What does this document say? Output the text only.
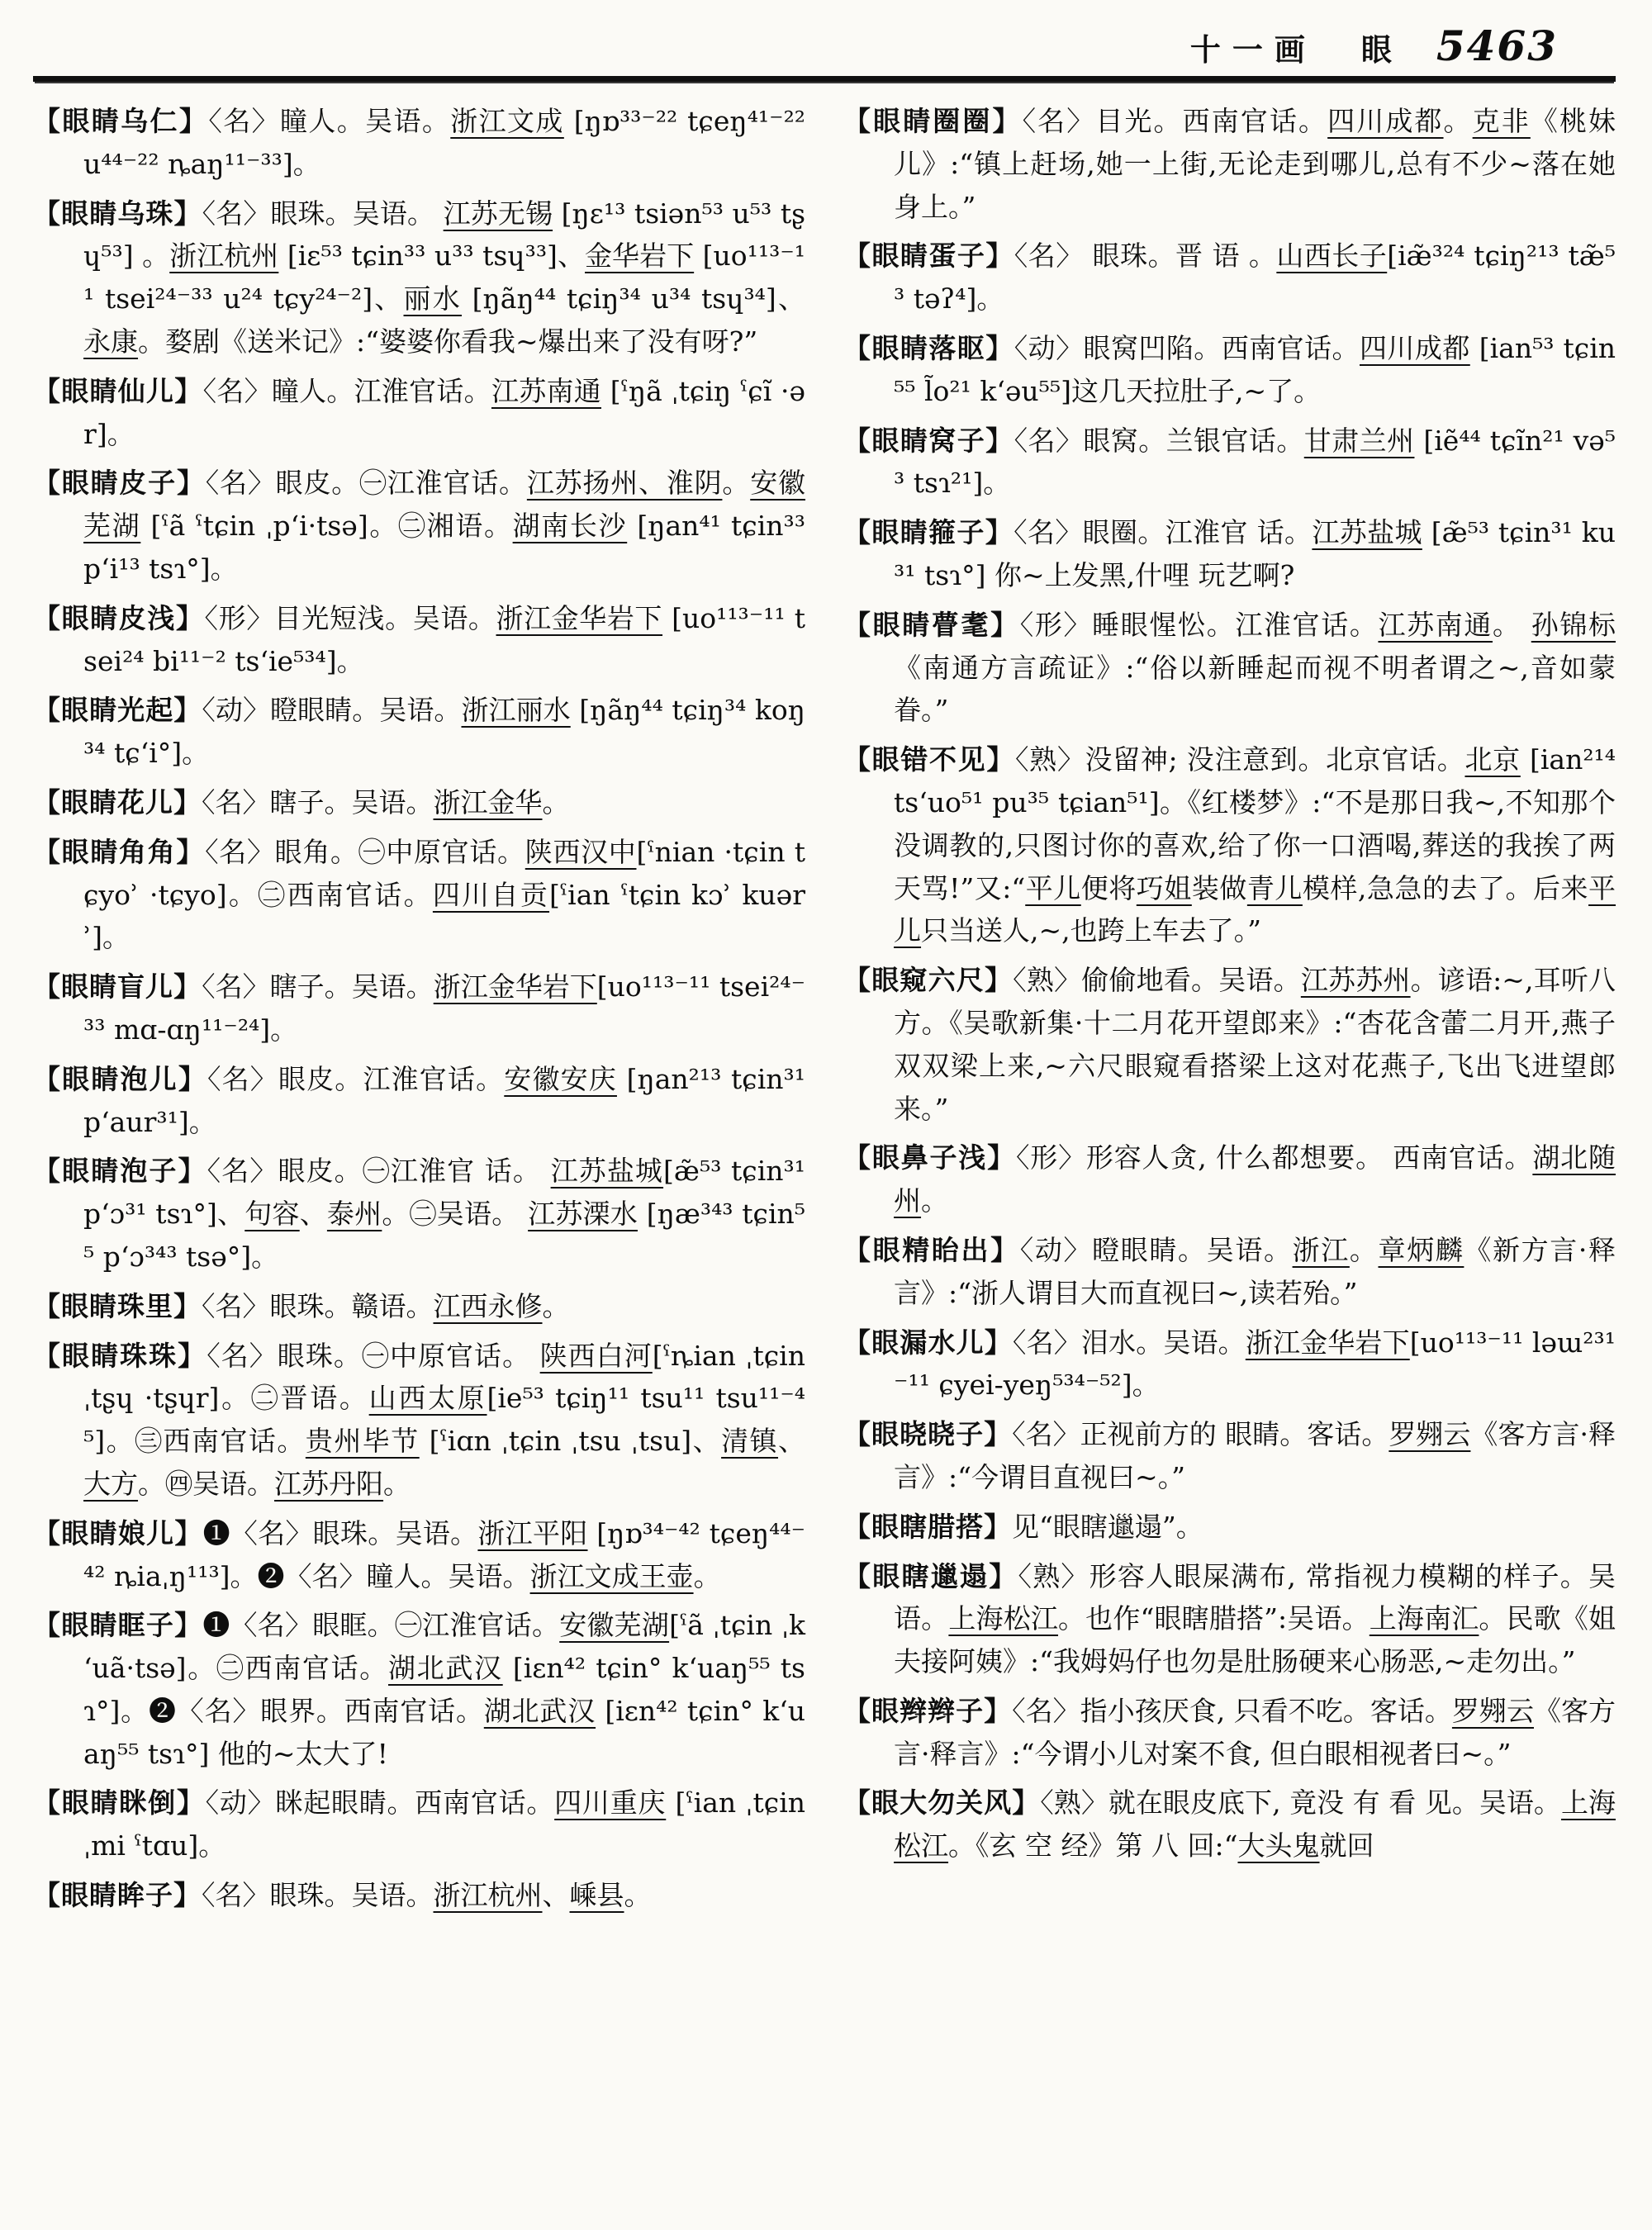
十一画 眼 5463

【眼睛乌仁】〈名〉瞳人。吴语。浙江文成 [ŋɒ³³⁻²² tɕeŋ⁴¹⁻²² u⁴⁴⁻²² ȵaŋ¹¹⁻³³]。

【眼睛乌珠】〈名〉眼珠。吴语。 江苏无锡 [ŋɛ¹³ tsiən⁵³ u⁵³ tʂɥ⁵³] 。浙江杭州 [iɛ⁵³ tɕin³³ u³³ tsɥ³³]、金华岩下 [uo¹¹³⁻¹¹ tsei²⁴⁻³³ u²⁴ tɕy²⁴⁻²]、丽水 [ŋãŋ⁴⁴ tɕiŋ³⁴ u³⁴ tsɥ³⁴]、永康。婺剧《送米记》:“婆婆你看我~爆出来了没有呀?”

【眼睛仙儿】〈名〉瞳人。江淮官话。江苏南通 [ˤŋã ˌtɕiŋ ˤɕĩ ·ər]。

【眼睛皮子】〈名〉眼皮。㊀江淮官话。江苏扬州、淮阴。安徽芜湖 [ˤã ˤtɕin ˌpʻi·tsə]。㊁湘语。湖南长沙 [ŋan⁴¹ tɕin³³ pʻi¹³ tsɿ°]。

【眼睛皮浅】〈形〉目光短浅。吴语。浙江金华岩下 [uo¹¹³⁻¹¹ tsei²⁴ bi¹¹⁻² tsʻie⁵³⁴]。

【眼睛光起】〈动〉瞪眼睛。吴语。浙江丽水 [ŋãŋ⁴⁴ tɕiŋ³⁴ koŋ³⁴ tɕʻi°]。

【眼睛花儿】〈名〉瞎子。吴语。浙江金华。

【眼睛角角】〈名〉眼角。㊀中原官话。陕西汉中[ˤnian ·tɕin tɕyoʾ ·tɕyo]。㊁西南官话。四川自贡[ˤian ˤtɕin kɔʾ kuərʾ]。

【眼睛盲儿】〈名〉瞎子。吴语。浙江金华岩下[uo¹¹³⁻¹¹ tsei²⁴⁻³³ mɑ-ɑŋ¹¹⁻²⁴]。

【眼睛泡儿】〈名〉眼皮。江淮官话。安徽安庆 [ŋan²¹³ tɕin³¹ pʻaur³¹]。

【眼睛泡子】〈名〉眼皮。㊀江淮官 话。 江苏盐城[æ̃⁵³ tɕin³¹ pʻɔ³¹ tsɿ°]、句容、泰州。㊁吴语。 江苏溧水 [ŋæ³⁴³ tɕin⁵⁵ pʻɔ³⁴³ tsə°]。

【眼睛珠里】〈名〉眼珠。赣语。江西永修。

【眼睛珠珠】〈名〉眼珠。㊀中原官话。 陕西白河[ˤȵian ˌtɕin ˌtʂɥ ·tʂɥr]。㊁晋语。山西太原[ie⁵³ tɕiŋ¹¹ tsu¹¹ tsu¹¹⁻⁴⁵]。㊂西南官话。贵州毕节 [ˤiɑn ˌtɕin ˌtsu ˌtsu]、清镇、大方。㊃吴语。江苏丹阳。

【眼睛娘儿】❶〈名〉眼珠。吴语。浙江平阳 [ŋɒ³⁴⁻⁴² tɕeŋ⁴⁴⁻⁴² ȵiaˌŋ¹¹³]。❷〈名〉瞳人。吴语。浙江文成王壶。

【眼睛眶子】❶〈名〉眼眶。㊀江淮官话。安徽芜湖[ˤã ˌtɕin ˌkʻuã·tsə]。㊁西南官话。湖北武汉 [iɛn⁴² tɕin° kʻuaŋ⁵⁵ tsɿ°]。❷〈名〉眼界。西南官话。湖北武汉 [iɛn⁴² tɕin° kʻuaŋ⁵⁵ tsɿ°] 他的~太大了!

【眼睛眯倒】〈动〉眯起眼睛。西南官话。四川重庆 [ˤian ˌtɕin ˌmi ˤtɑu]。

【眼睛眸子】〈名〉眼珠。吴语。浙江杭州、嵊县。

【眼睛圈圈】〈名〉目光。西南官话。四川成都。克非《桃妹儿》:“镇上赶场,她一上街,无论走到哪儿,总有不少~落在她身上。”

【眼睛蛋子】〈名〉 眼珠。晋 语 。山西长子[iæ̃³²⁴ tɕiŋ²¹³ tæ̃⁵³ təʔ⁴]。

【眼睛落眍】〈动〉眼窝凹陷。西南官话。四川成都 [ian⁵³ tɕin⁵⁵ l̃o²¹ kʻəu⁵⁵]这几天拉肚子,~了。

【眼睛窝子】〈名〉眼窝。兰银官话。甘肃兰州 [iẽ⁴⁴ tɕĩn²¹ və⁵³ tsɿ²¹]。

【眼睛箍子】〈名〉眼圈。江淮官 话。江苏盐城 [æ̃⁵³ tɕin³¹ ku³¹ tsɿ°] 你~上发黑,什哩 玩艺啊?

【眼睛瞢耄】〈形〉睡眼惺忪。江淮官话。江苏南通。 孙锦标《南通方言疏证》:“俗以新睡起而视不明者谓之~,音如蒙眷。”

【眼错不见】〈熟〉没留神; 没注意到。北京官话。北京 [ian²¹⁴ tsʻuo⁵¹ pu³⁵ tɕian⁵¹]。《红楼梦》:“不是那日我~,不知那个没调教的,只图讨你的喜欢,给了你一口酒喝,葬送的我挨了两天骂!”又:“平儿便将巧姐装做青儿模样,急急的去了。后来平儿只当送人,~,也跨上车去了。”

【眼窥六尺】〈熟〉偷偷地看。吴语。江苏苏州。谚语:~,耳听八方。《吴歌新集·十二月花开望郎来》:“杏花含蕾二月开,燕子双双梁上来,~六尺眼窥看搭梁上这对花燕子,飞出飞进望郎来。”

【眼鼻子浅】〈形〉形容人贪, 什么都想要。 西南官话。湖北随州。

【眼精眙出】〈动〉瞪眼睛。吴语。浙江。章炳麟《新方言·释言》:“浙人谓目大而直视曰~,读若殆。”

【眼漏水儿】〈名〉泪水。吴语。浙江金华岩下[uo¹¹³⁻¹¹ ləɯ²³¹⁻¹¹ ɕyei-yeŋ⁵³⁴⁻⁵²]。

【眼晓晓子】〈名〉正视前方的 眼睛。客话。罗翙云《客方言·释言》:“今谓目直视曰~。”

【眼瞎腊搭】见“眼瞎邋遢”。

【眼瞎邋遢】〈熟〉形容人眼屎满布, 常指视力模糊的样子。吴语。上海松江。也作“眼瞎腊搭”:吴语。上海南汇。民歌《姐夫接阿姨》:“我姆妈仔也勿是肚肠硬来心肠恶,~走勿出。”

【眼辫辫子】〈名〉指小孩厌食, 只看不吃。客话。罗翙云《客方言·释言》:“今谓小儿对案不食, 但白眼相视者曰~。”

【眼大勿关风】〈熟〉就在眼皮底下, 竟没 有 看 见。吴语。上海松江。《玄 空 经》第 八 回:“大头鬼就回
